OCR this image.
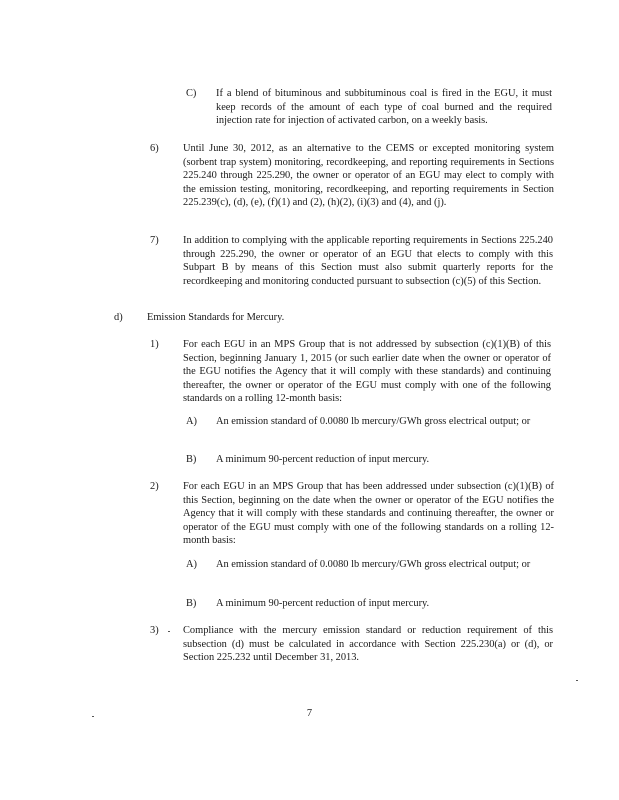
C) If a blend of bituminous and subbituminous coal is fired in the EGU, it must keep records of the amount of each type of coal burned and the required injection rate for injection of activated carbon, on a weekly basis.

6) Until June 30, 2012, as an alternative to the CEMS or excepted monitoring system (sorbent trap system) monitoring, recordkeeping, and reporting requirements in Sections 225.240 through 225.290, the owner or operator of an EGU may elect to comply with the emission testing, monitoring, recordkeeping, and reporting requirements in Section 225.239(c), (d), (e), (f)(1) and (2), (h)(2), (i)(3) and (4), and (j).

7) In addition to complying with the applicable reporting requirements in Sections 225.240 through 225.290, the owner or operator of an EGU that elects to comply with this Subpart B by means of this Section must also submit quarterly reports for the recordkeeping and monitoring conducted pursuant to subsection (c)(5) of this Section.

d) Emission Standards for Mercury.

1) For each EGU in an MPS Group that is not addressed by subsection (c)(1)(B) of this Section, beginning January 1, 2015 (or such earlier date when the owner or operator of the EGU notifies the Agency that it will comply with these standards) and continuing thereafter, the owner or operator of the EGU must comply with one of the following standards on a rolling 12-month basis:

A) An emission standard of 0.0080 lb mercury/GWh gross electrical output; or

B) A minimum 90-percent reduction of input mercury.

2) For each EGU in an MPS Group that has been addressed under subsection (c)(1)(B) of this Section, beginning on the date when the owner or operator of the EGU notifies the Agency that it will comply with these standards and continuing thereafter, the owner or operator of the EGU must comply with one of the following standards on a rolling 12-month basis:

A) An emission standard of 0.0080 lb mercury/GWh gross electrical output; or

B) A minimum 90-percent reduction of input mercury.

3) Compliance with the mercury emission standard or reduction requirement of this subsection (d) must be calculated in accordance with Section 225.230(a) or (d), or Section 225.232 until December 31, 2013.

7
